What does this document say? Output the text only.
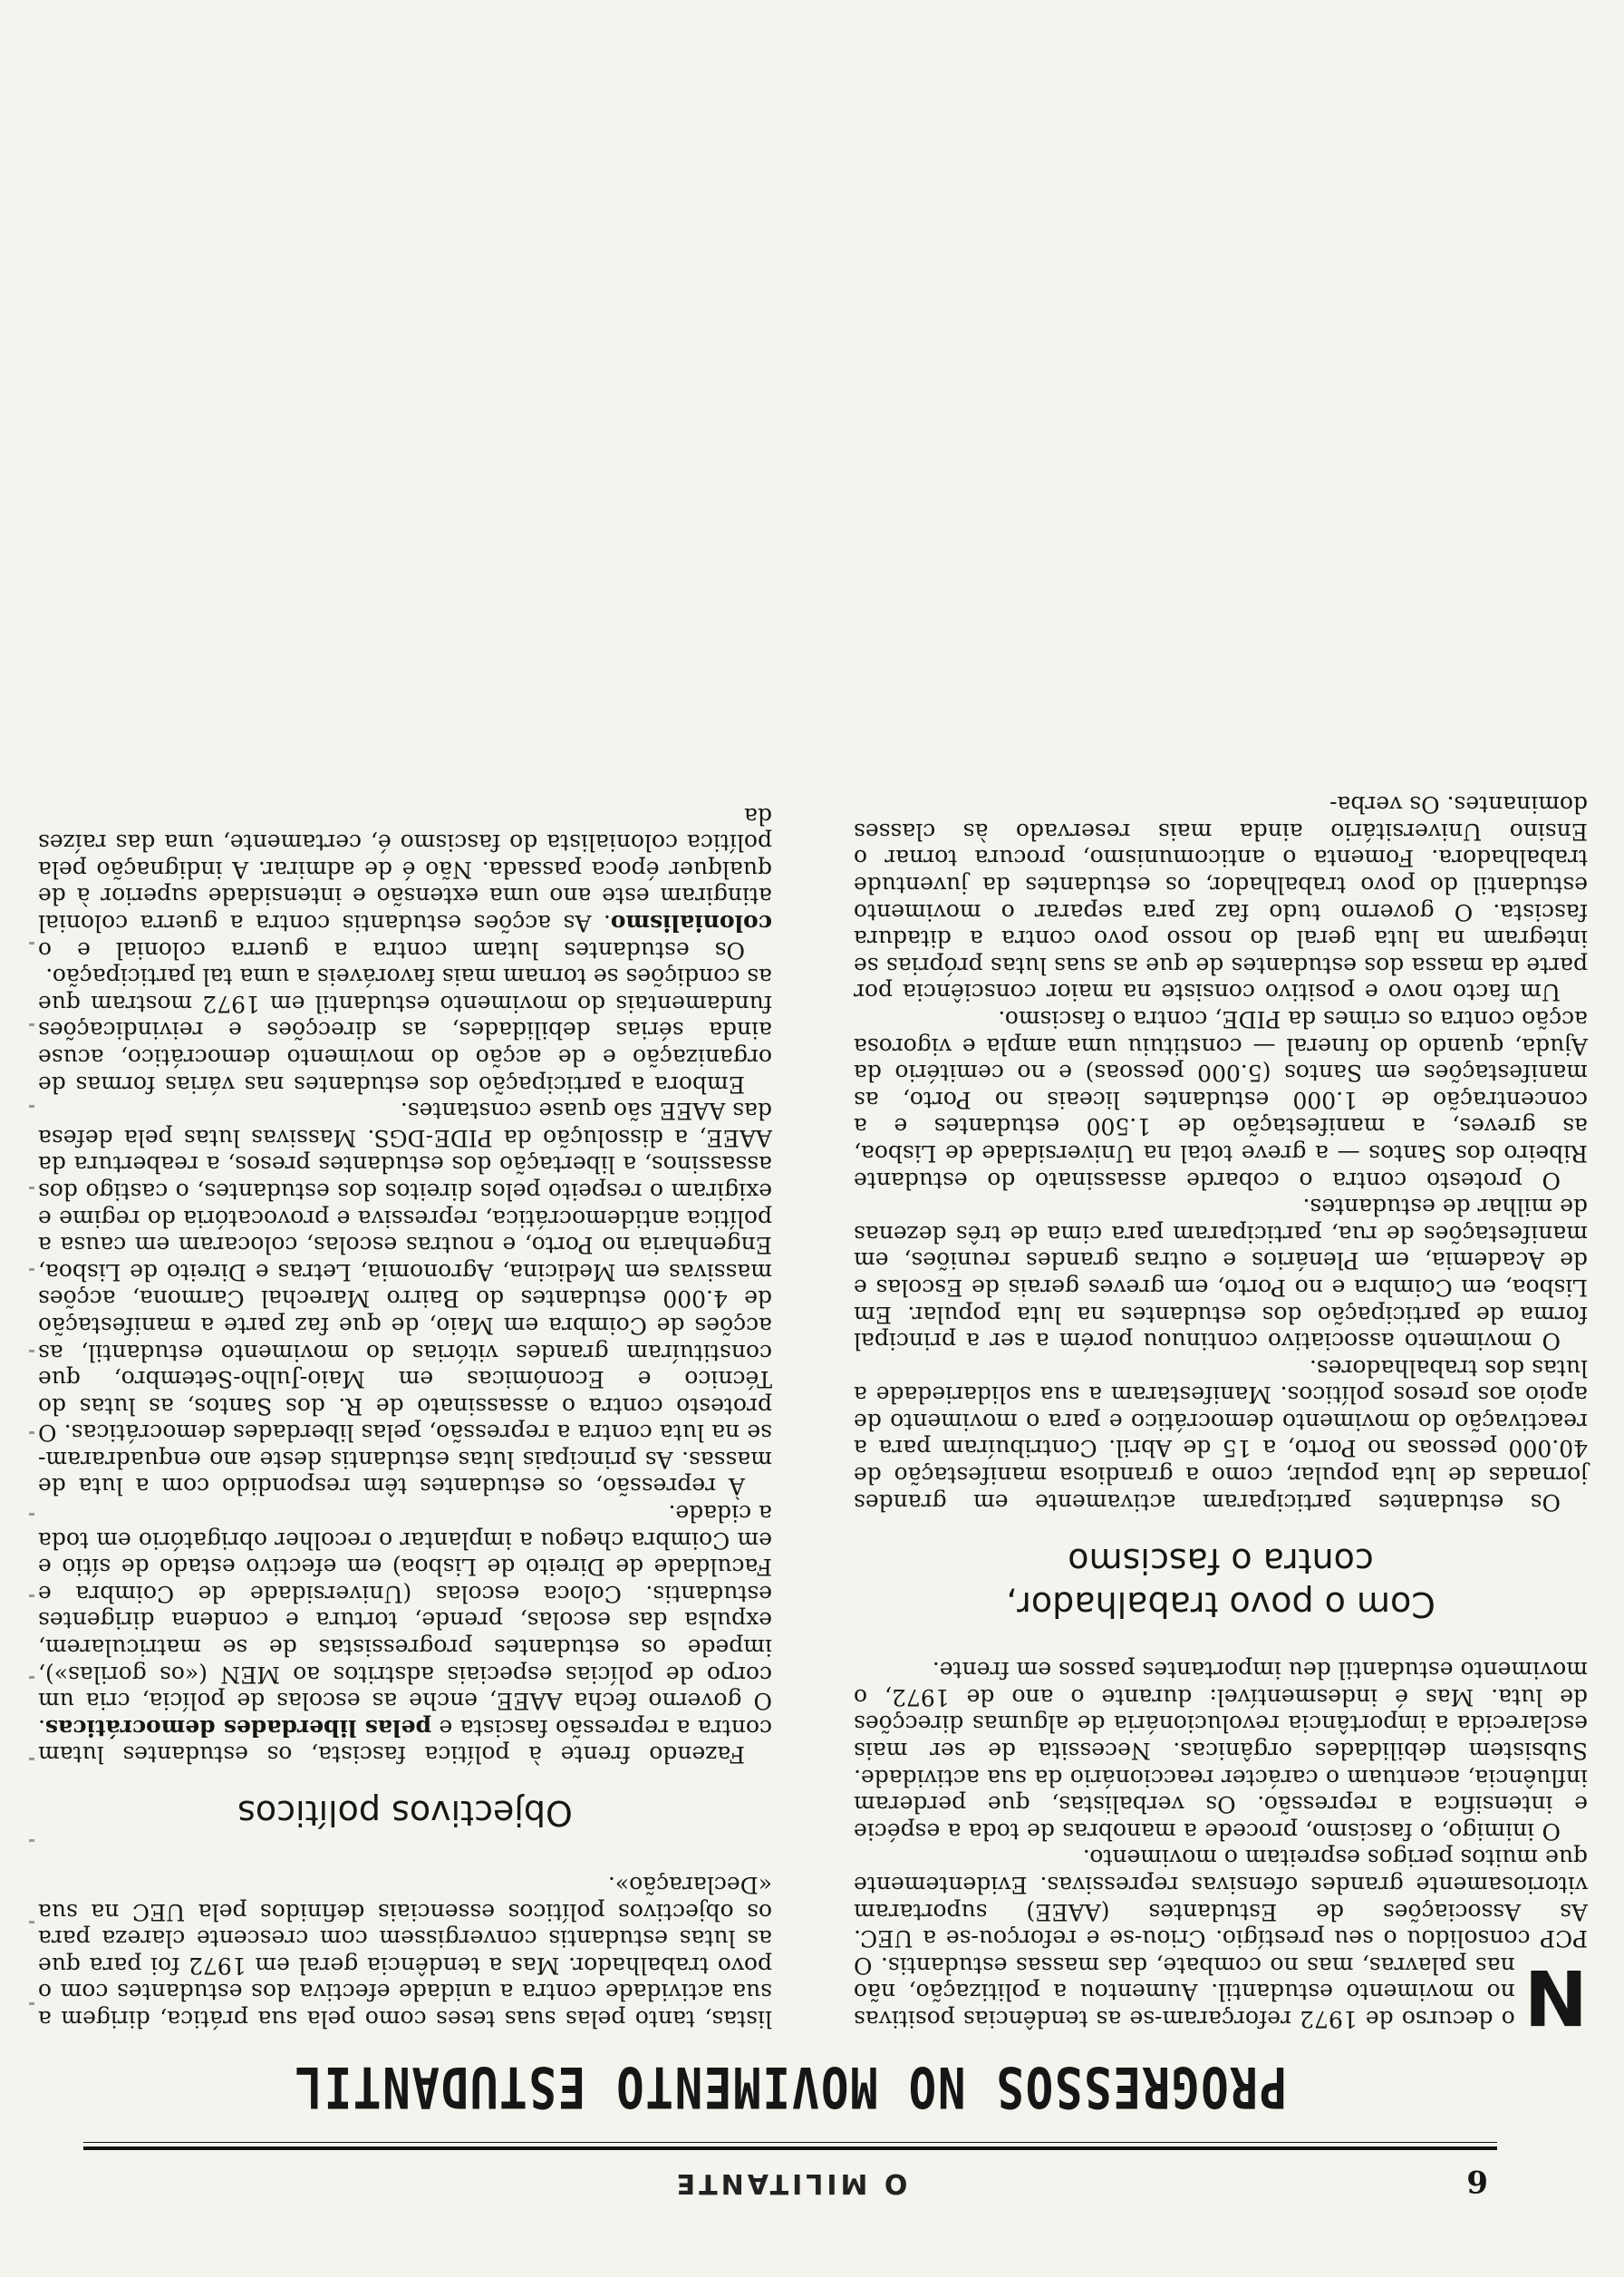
6
O MILITANTE
PROGRESSOS NO MOVIMENTO ESTUDANTIL

N
o decurso de 1972 reforçaram-se as tendências positivas no movimento estudantil. Aumentou a politização, não nas palavras, mas no combate, das massas estudantis. O PCP consolidou o seu prestígio. Criou-se e reforçou-se a UEC. As Associações de Estudantes (AAEE) suportaram vitoriosamente grandes ofensivas repressivas. Evidentemente que muitos perigos espreitam o movimento.

O inimigo, o fascismo, procede a manobras de toda a espécie e intensifica a repressão. Os verbalistas, que perderam influência, acentuam o carácter reaccionário da sua actividade. Subsistem debilidades orgânicas. Necessita de ser mais esclarecida a importância revolucionária de algumas direcções de luta. Mas é indesmentível: durante o ano de 1972, o movimento estudantil deu importantes passos em frente.

Com o povo trabalhador,
contra o fascismo

Os estudantes participaram activamente em grandes jornadas de luta popular, como a grandiosa manifestação de 40.000 pessoas no Porto, a 15 de Abril. Contribuíram para a reactivação do movimento democrático e para o movimento de apoio aos presos políticos. Manifestaram a sua solidariedade a lutas dos trabalhadores.

O movimento associativo continuou porém a ser a principal forma de participação dos estudantes na luta popular. Em Lisboa, em Coimbra e no Porto, em greves gerais de Escolas e de Academia, em Plenários e outras grandes reuniões, em manifestações de rua, participaram para cima de três dezenas de milhar de estudantes.

O protesto contra o cobarde assassinato do estudante Ribeiro dos Santos — a greve total na Universidade de Lisboa, as greves, a manifestação de 1.500 estudantes e a concentração de 1.000 estudantes liceais no Porto, as manifestações em Santos (5.000 pessoas) e no cemitério da Ajuda, quando do funeral — constituiu uma ampla e vigorosa acção contra os crimes da PIDE, contra o fascismo.

Um facto novo e positivo consiste na maior consciência por parte da massa dos estudantes de que as suas lutas próprias se integram na luta geral do nosso povo contra a ditadura fascista. O governo tudo faz para separar o movimento estudantil do povo trabalhador, os estudantes da juventude trabalhadora. Fomenta o anticomunismo, procura tornar o Ensino Universitário ainda mais reservado às classes dominantes. Os verba-

listas, tanto pelas suas teses como pela sua prática, dirigem a sua actividade contra a unidade efectiva dos estudantes com o povo trabalhador. Mas a tendência geral em 1972 foi para que as lutas estudantis convergissem com crescente clareza para os objectivos políticos essenciais definidos pela UEC na sua «Declaração».

Objectivos políticos

Fazendo frente à política fascista, os estudantes lutam contra a repressão fascista e pelas liberdades democráticas. O governo fecha AAEE, enche as escolas de polícia, cria um corpo de polícias especiais adstritos ao MEN («os gorilas»), impede os estudantes progressistas de se matricularem, expulsa das escolas, prende, tortura e condena dirigentes estudantis. Coloca escolas (Universidade de Coimbra e Faculdade de Direito de Lisboa) em efectivo estado de sítio e em Coimbra chegou a implantar o recolher obrigatório em toda a cidade.

À repressão, os estudantes têm respondido com a luta de massas. As principais lutas estudantis deste ano enquadraram-se na luta contra a repressão, pelas liberdades democráticas. O protesto contra o assassinato de R. dos Santos, as lutas do Técnico e Económicas em Maio-Julho-Setembro, que constituíram grandes vitórias do movimento estudantil, as acções de Coimbra em Maio, de que faz parte a manifestação de 4.000 estudantes do Bairro Marechal Carmona, acções massivas em Medicina, Agronomia, Letras e Direito de Lisboa, Engenharia no Porto, e noutras escolas, colocaram em causa a política antidemocrática, repressiva e provocatória do regime e exigiram o respeito pelos direitos dos estudantes, o castigo dos assassinos, a libertação dos estudantes presos, a reabertura da AAEE, a dissolução da PIDE-DGS. Massivas lutas pela defesa das AAEE são quase constantes.

Embora a participação dos estudantes nas várias formas de organização e de acção do movimento democrático, acuse ainda sérias debilidades, as direcções e reivindicações fundamentais do movimento estudantil em 1972 mostram que as condições se tornam mais favoráveis a uma tal participação.

Os estudantes lutam contra a guerra colonial e o colonialismo. As acções estudantis contra a guerra colonial atingiram este ano uma extensão e intensidade superior à de qualquer época passada. Não é de admirar. A indignação pela política colonialista do fascismo é, certamente, uma das raízes da
